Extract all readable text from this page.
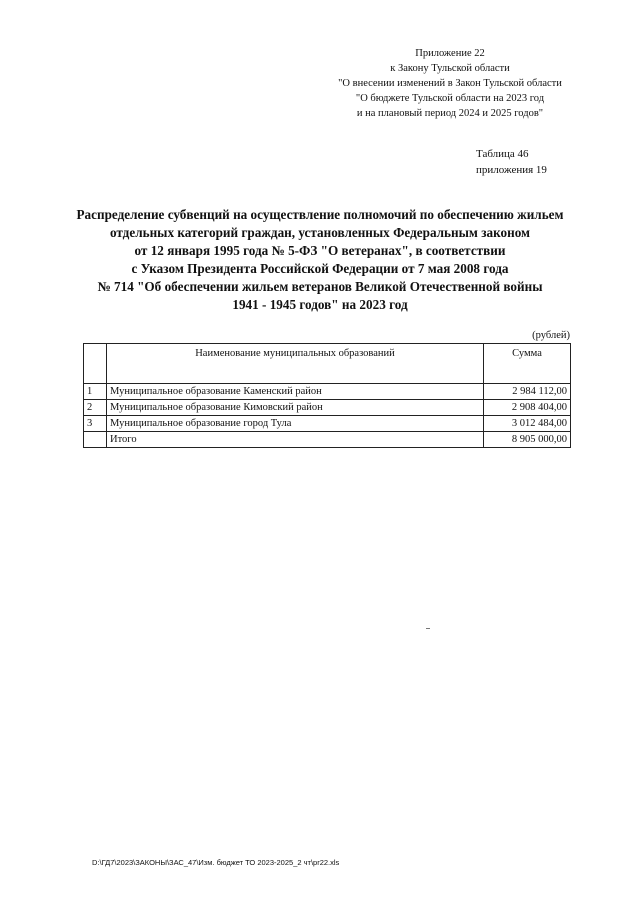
Приложение 22
к Закону Тульской области
"О внесении изменений в Закон Тульской области
"О бюджете Тульской области на 2023 год
и на плановый период 2024 и 2025 годов"
Таблица 46
приложения 19
Распределение субвенций на осуществление полномочий по обеспечению жильем
отдельных категорий граждан, установленных Федеральным законом
от 12 января 1995 года № 5-ФЗ "О ветеранах", в соответствии
с Указом Президента Российской Федерации от 7 мая 2008 года
№ 714 "Об обеспечении жильем ветеранов Великой Отечественной войны
1941 - 1945 годов" на 2023 год
(рублей)
	Наименование муниципальных образований	Сумма
1	Муниципальное образование Каменский район	2 984 112,00
2	Муниципальное образование Кимовский район	2 908 404,00
3	Муниципальное образование город Тула	3 012 484,00
	Итого	8 905 000,00
D:\ГД7\2023\ЗАКОНЫ\ЗАС_47\Изм. бюджет ТО 2023-2025_2 чт\pr22.xls
